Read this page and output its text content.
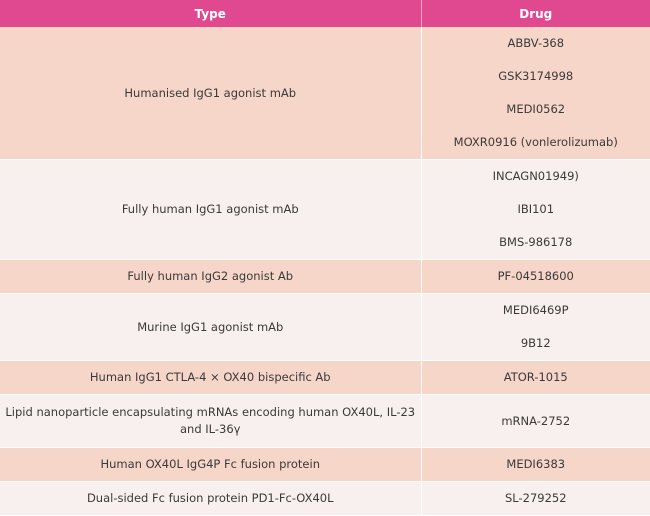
Type	Drug
Humanised IgG1 agonist mAb	ABBV-368
GSK3174998
MEDI0562
MOXR0916 (vonlerolizumab)

Fully human IgG1 agonist mAb	INCAGN01949)
IBI101
BMS-986178

Fully human IgG2 agonist Ab	PF-04518600

Murine IgG1 agonist mAb	MEDI6469P
9B12

Human IgG1 CTLA-4 × OX40 bispecific Ab	ATOR-1015

Lipid nanoparticle encapsulating mRNAs encoding human OX40L, IL-23 and IL-36γ	mRNA-2752

Human OX40L IgG4P Fc fusion protein	MEDI6383

Dual-sided Fc fusion protein PD1-Fc-OX40L	SL-279252
